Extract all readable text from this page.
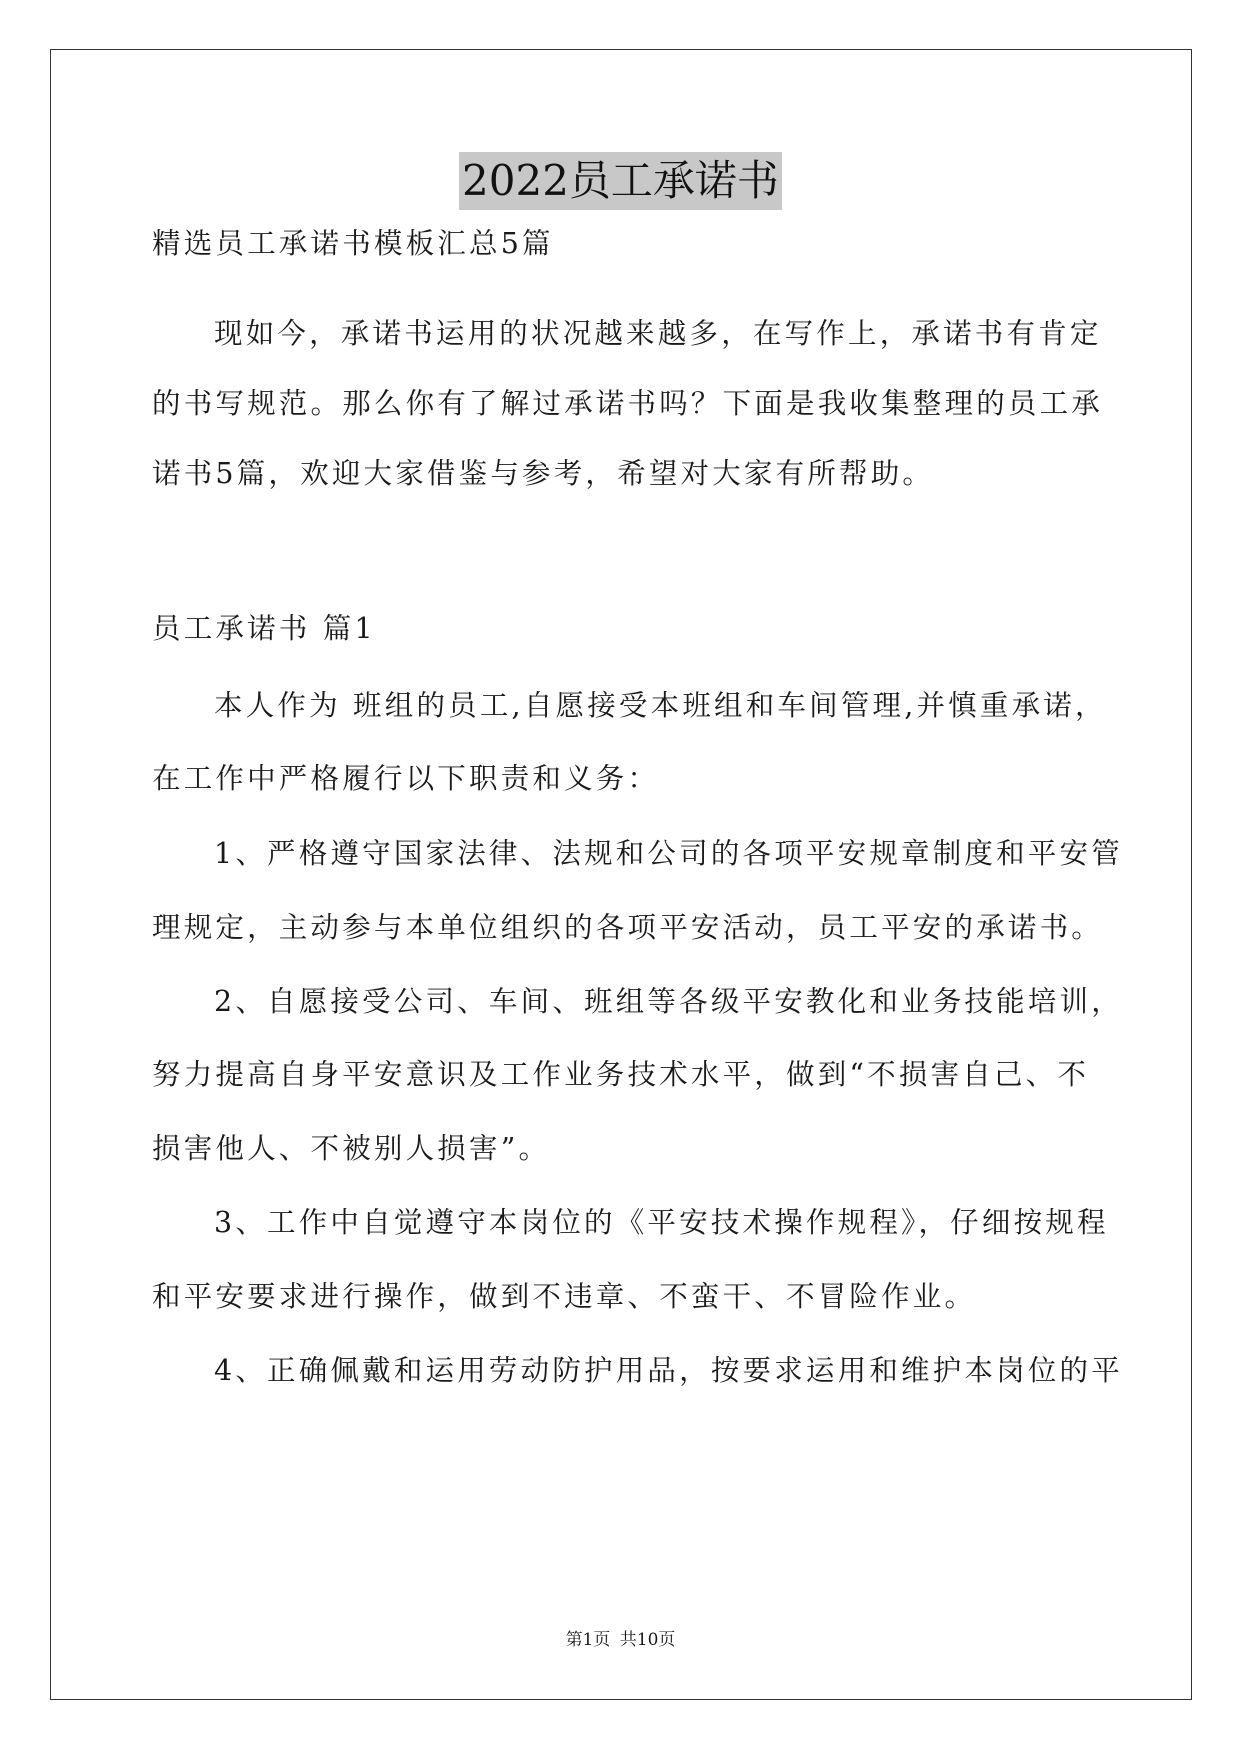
2022员工承诺书
精选员工承诺书模板汇总5篇
现如今，承诺书运用的状况越来越多，在写作上，承诺书有肯定
的书写规范。那么你有了解过承诺书吗？下面是我收集整理的员工承
诺书5篇，欢迎大家借鉴与参考，希望对大家有所帮助。
员工承诺书 篇1
本人作为 班组的员工,自愿接受本班组和车间管理,并慎重承诺，
在工作中严格履行以下职责和义务：
1、严格遵守国家法律、法规和公司的各项平安规章制度和平安管
理规定，主动参与本单位组织的各项平安活动，员工平安的承诺书。
2、自愿接受公司、车间、班组等各级平安教化和业务技能培训，
努力提高自身平安意识及工作业务技术水平，做到“不损害自己、不
损害他人、不被别人损害”。
3、工作中自觉遵守本岗位的《平安技术操作规程》，仔细按规程
和平安要求进行操作，做到不违章、不蛮干、不冒险作业。
4、正确佩戴和运用劳动防护用品，按要求运用和维护本岗位的平
第1页 共10页
